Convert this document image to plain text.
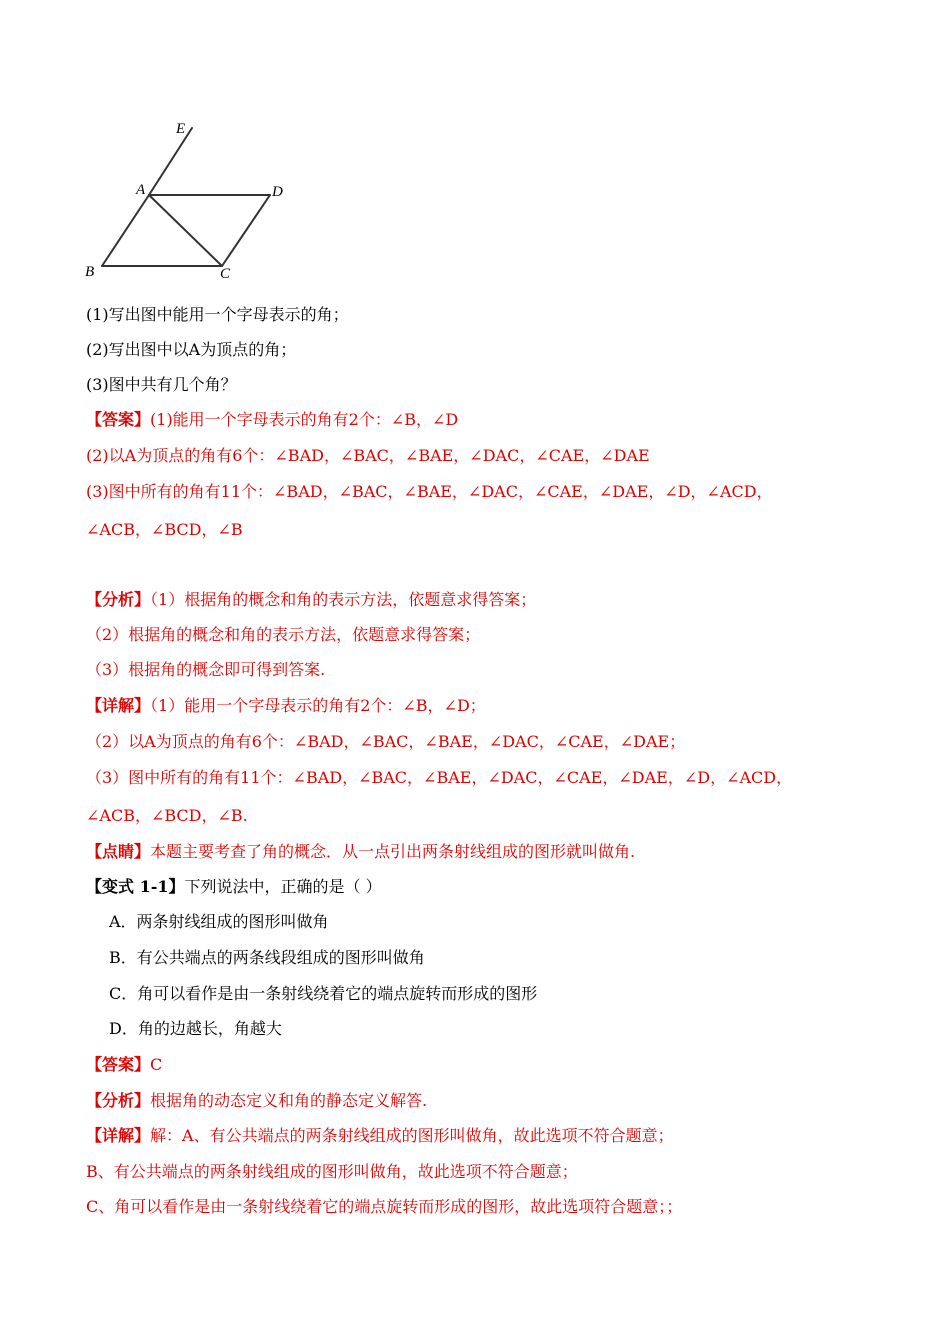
E
A	D
B	C
(1)写出图中能用一个字母表示的角；
(2)写出图中以A为顶点的角；
(3)图中共有几个角？
【答案】(1)能用一个字母表示的角有2个：∠B，∠D
(2)以A为顶点的角有6个：∠BAD，∠BAC，∠BAE，∠DAC，∠CAE，∠DAE
(3)图中所有的角有11个：∠BAD，∠BAC，∠BAE，∠DAC，∠CAE，∠DAE，∠D，∠ACD，
∠ACB，∠BCD，∠B
【分析】（1）根据角的概念和角的表示方法，依题意求得答案；
（2）根据角的概念和角的表示方法，依题意求得答案；
（3）根据角的概念即可得到答案.
【详解】（1）能用一个字母表示的角有2个：∠B，∠D；
（2）以A为顶点的角有6个：∠BAD，∠BAC，∠BAE，∠DAC，∠CAE，∠DAE；
（3）图中所有的角有11个：∠BAD，∠BAC，∠BAE，∠DAC，∠CAE，∠DAE，∠D，∠ACD，
∠ACB，∠BCD，∠B.
【点睛】本题主要考查了角的概念．从一点引出两条射线组成的图形就叫做角.
【变式 1-1】下列说法中，正确的是（ ）
A．两条射线组成的图形叫做角
B．有公共端点的两条线段组成的图形叫做角
C．角可以看作是由一条射线绕着它的端点旋转而形成的图形
D．角的边越长，角越大
【答案】C
【分析】根据角的动态定义和角的静态定义解答.
【详解】解：A、有公共端点的两条射线组成的图形叫做角，故此选项不符合题意；
B、有公共端点的两条射线组成的图形叫做角，故此选项不符合题意；
C、角可以看作是由一条射线绕着它的端点旋转而形成的图形，故此选项符合题意；；
